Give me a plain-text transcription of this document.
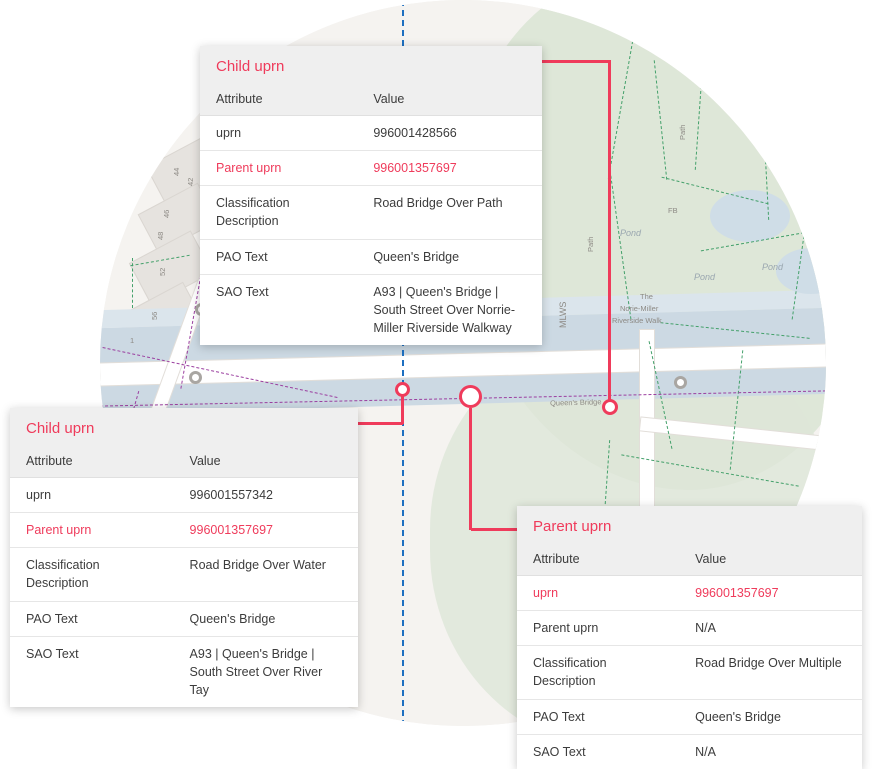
44
42
46
48
52
56
1
MLWS
Path
Path
FB
Pond
Pond
Pond
The
Norie-Miller
Riverside Walk
Queen's Bridge
Child uprn
Attribute	Value
uprn	996001428566
Parent uprn	996001357697
Classification Description	Road Bridge Over Path
PAO Text	Queen's Bridge
SAO Text	A93 | Queen's Bridge | South Street Over Norrie-Miller Riverside Walkway
Child uprn
Attribute	Value
uprn	996001557342
Parent uprn	996001357697
Classification Description	Road Bridge Over Water
PAO Text	Queen's Bridge
SAO Text	A93 | Queen's Bridge | South Street Over River Tay
Parent uprn
Attribute	Value
uprn	996001357697
Parent uprn	N/A
Classification Description	Road Bridge Over Multiple
PAO Text	Queen's Bridge
SAO Text	N/A
